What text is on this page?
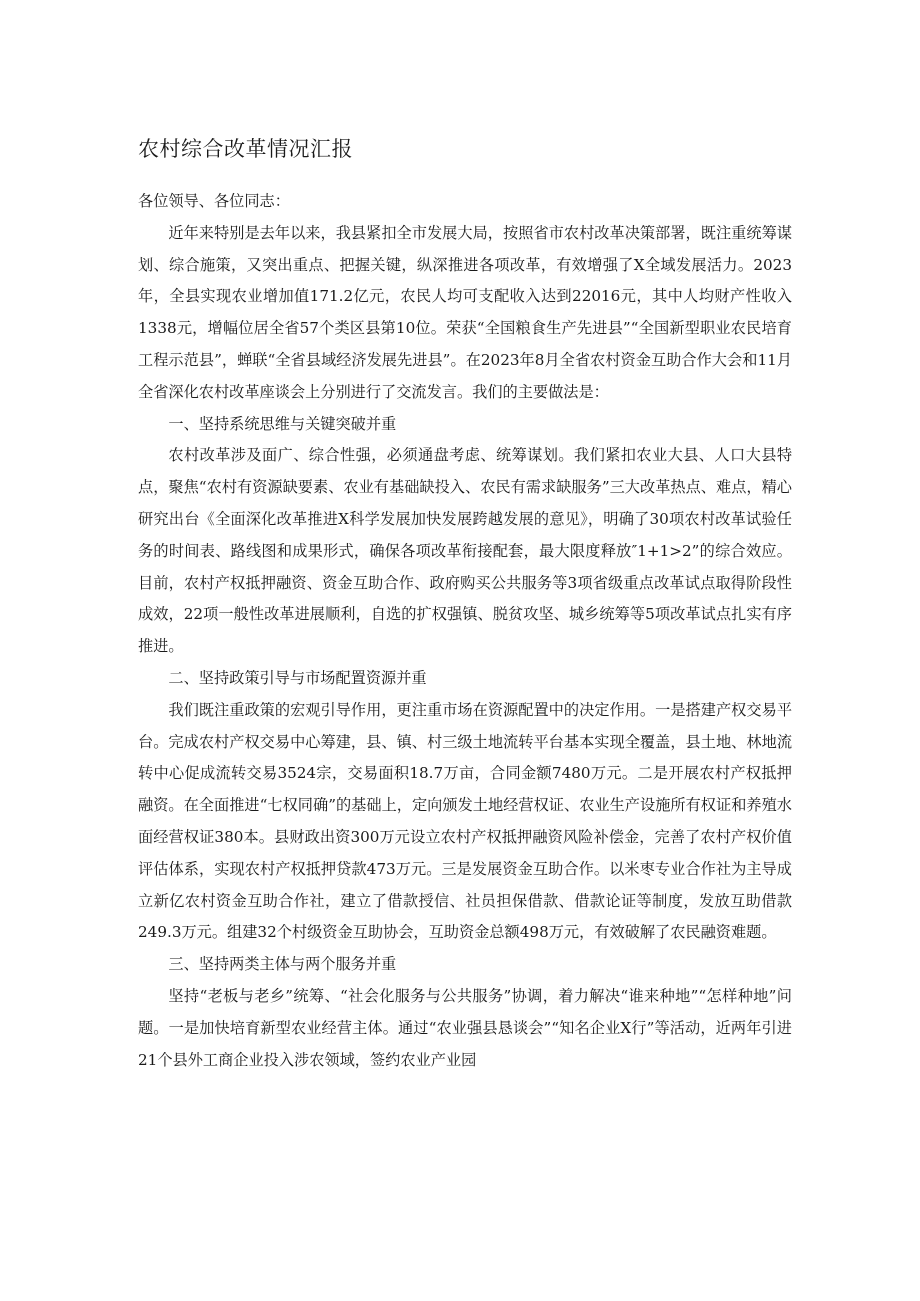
农村综合改革情况汇报

各位领导、各位同志：

近年来特别是去年以来，我县紧扣全市发展大局，按照省市农村改革决策部署，既注重统筹谋划、综合施策，又突出重点、把握关键，纵深推进各项改革，有效增强了X全域发展活力。2023年，全县实现农业增加值171.2亿元，农民人均可支配收入达到22016元，其中人均财产性收入1338元，增幅位居全省57个类区县第10位。荣获“全国粮食生产先进县”“全国新型职业农民培育工程示范县”，蝉联“全省县域经济发展先进县”。在2023年8月全省农村资金互助合作大会和11月全省深化农村改革座谈会上分别进行了交流发言。我们的主要做法是：

一、坚持系统思维与关键突破并重

农村改革涉及面广、综合性强，必须通盘考虑、统筹谋划。我们紧扣农业大县、人口大县特点，聚焦“农村有资源缺要素、农业有基础缺投入、农民有需求缺服务”三大改革热点、难点，精心研究出台《全面深化改革推进X科学发展加快发展跨越发展的意见》，明确了30项农村改革试验任务的时间表、路线图和成果形式，确保各项改革衔接配套，最大限度释放″1+1>2”的综合效应。目前，农村产权抵押融资、资金互助合作、政府购买公共服务等3项省级重点改革试点取得阶段性成效，22项一般性改革进展顺利，自选的扩权强镇、脱贫攻坚、城乡统筹等5项改革试点扎实有序推进。

二、坚持政策引导与市场配置资源并重

我们既注重政策的宏观引导作用，更注重市场在资源配置中的决定作用。一是搭建产权交易平台。完成农村产权交易中心筹建，县、镇、村三级土地流转平台基本实现全覆盖，县土地、林地流转中心促成流转交易3524宗，交易面积18.7万亩，合同金额7480万元。二是开展农村产权抵押融资。在全面推进“七权同确”的基础上，定向颁发土地经营权证、农业生产设施所有权证和养殖水面经营权证380本。县财政出资300万元设立农村产权抵押融资风险补偿金，完善了农村产权价值评估体系，实现农村产权抵押贷款473万元。三是发展资金互助合作。以米枣专业合作社为主导成立新亿农村资金互助合作社，建立了借款授信、社员担保借款、借款论证等制度，发放互助借款249.3万元。组建32个村级资金互助协会，互助资金总额498万元，有效破解了农民融资难题。

三、坚持两类主体与两个服务并重

坚持“老板与老乡”统筹、“社会化服务与公共服务”协调，着力解决“谁来种地”“怎样种地”问题。一是加快培育新型农业经营主体。通过“农业强县恳谈会”“知名企业X行”等活动，近两年引进21个县外工商企业投入涉农领域，签约农业产业园
